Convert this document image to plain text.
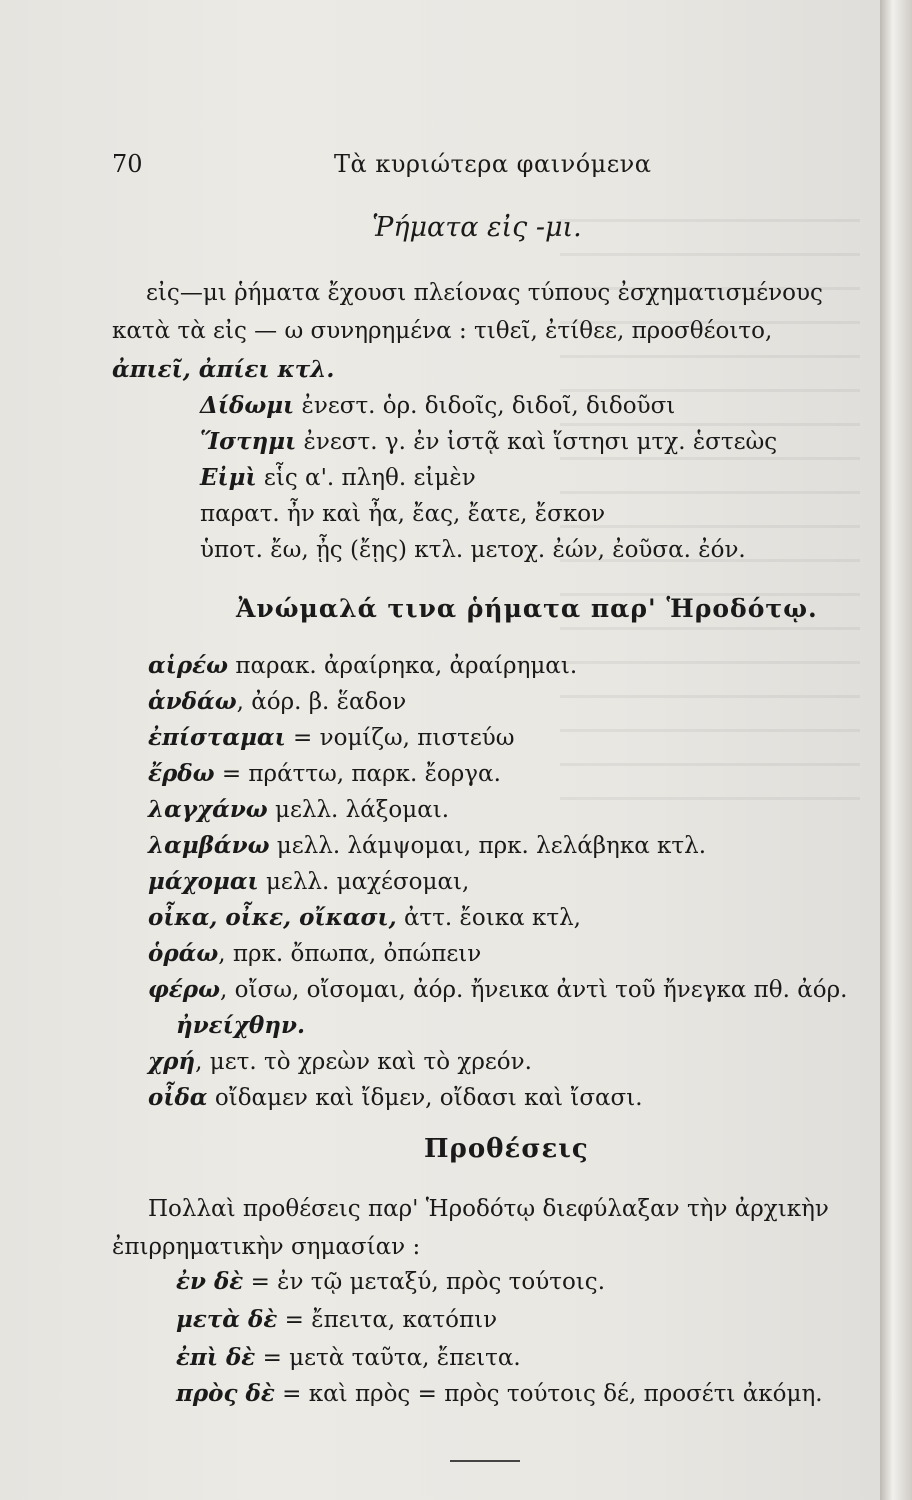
70	Τὰ κυριώτερα φαινόμενα
Ῥήματα εἰς -μι.
εἰς—μι ῥήματα ἔχουσι πλείονας τύπους ἐσχηματισμένους
κατὰ τὰ εἰς — ω συνηρημένα : τιθεῖ, ἐτίθεε, προσθέοιτο,
ἀπιεῖ, ἀπίει κτλ.
Δίδωμι ἐνεστ. ὁρ. διδοῖς, διδοῖ, διδοῦσι
Ἵστημι ἐνεστ. γ. ἐν ἱστᾷ καὶ ἵστησι μτχ. ἑστεὼς
Εἰμὶ εἷς α'. πληθ. εἰμὲν
παρατ. ἦν καὶ ἦα, ἔας, ἔατε, ἔσκον
ὑποτ. ἔω, ᾖς (ἔῃς) κτλ. μετοχ. ἐών, ἐοῦσα. ἐόν.
Ἀνώμαλά τινα ῥήματα παρ' Ἡροδότῳ.
αἱρέω παρακ. ἀραίρηκα, ἀραίρημαι.
ἁνδάω, ἀόρ. β. ἕαδον
ἐπίσταμαι = νομίζω, πιστεύω
ἔρδω = πράττω, παρκ. ἔοργα.
λαγχάνω μελλ. λάξομαι.
λαμβάνω μελλ. λάμψομαι, πρκ. λελάβηκα κτλ.
μάχομαι μελλ. μαχέσομαι,
οἶκα, οἶκε, οἴκασι, ἀττ. ἔοικα κτλ,
ὁράω, πρκ. ὄπωπα, ὀπώπειν
φέρω, οἴσω, οἴσομαι, ἀόρ. ἤνεικα ἀντὶ τοῦ ἤνεγκα πθ. ἀόρ.
ἠνείχθην.
χρή, μετ. τὸ χρεὼν καὶ τὸ χρεόν.
οἶδα οἴδαμεν καὶ ἴδμεν, οἴδασι καὶ ἴσασι.
Προθέσεις
Πολλαὶ προθέσεις παρ' Ἡροδότῳ διεφύλαξαν τὴν ἀρχικὴν
ἐπιρρηματικὴν σημασίαν :
ἐν δὲ = ἐν τῷ μεταξύ, πρὸς τούτοις.
μετὰ δὲ = ἔπειτα, κατόπιν
ἐπὶ δὲ = μετὰ ταῦτα, ἔπειτα.
πρὸς δὲ = καὶ πρὸς = πρὸς τούτοις δέ, προσέτι ἀκόμη.
